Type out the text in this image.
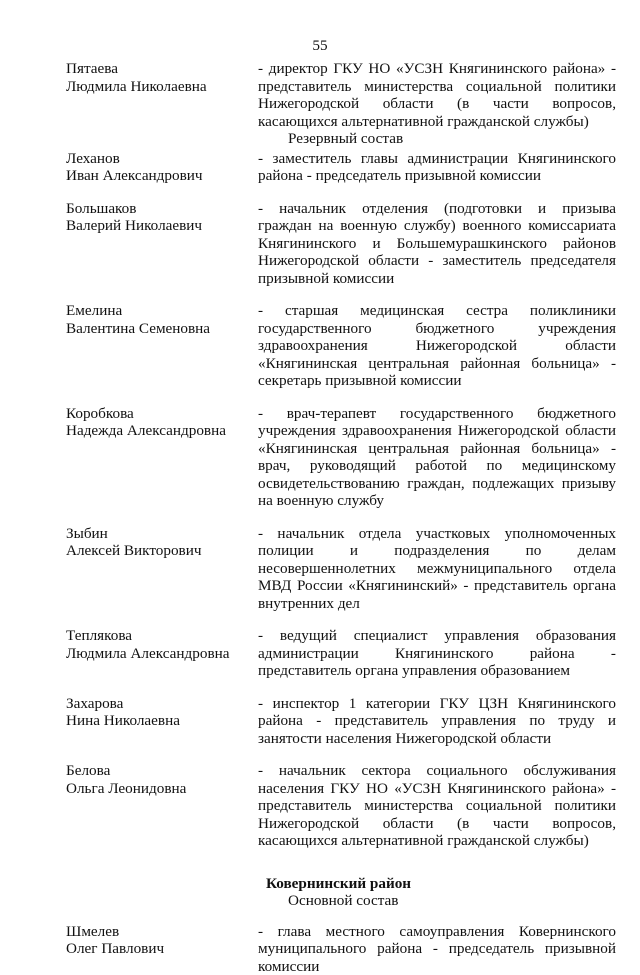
55
Пятаева
Людмила Николаевна
- директор ГКУ НО «УСЗН Княгининского района» -
представитель министерства социальной политики
Нижегородской области (в части вопросов,
касающихся альтернативной гражданской службы)
Резервный состав
Леханов
Иван Александрович
- заместитель главы администрации Княгининского
района - председатель призывной комиссии
Большаков
Валерий Николаевич
- начальник отделения (подготовки и призыва
граждан на военную службу) военного комиссариата
Княгининского и Большемурашкинского районов
Нижегородской области - заместитель председателя
призывной комиссии
Емелина
Валентина Семеновна
- старшая медицинская сестра поликлиники
государственного бюджетного учреждения
здравоохранения Нижегородской области
«Княгининская центральная районная больница» -
секретарь призывной комиссии
Коробкова
Надежда Александровна
- врач-терапевт государственного бюджетного
учреждения здравоохранения Нижегородской области
«Княгининская центральная районная больница» -
врач, руководящий работой по медицинскому
освидетельствованию граждан, подлежащих призыву
на военную службу
Зыбин
Алексей Викторович
- начальник отдела участковых уполномоченных
полиции и подразделения по делам
несовершеннолетних межмуниципального отдела
МВД России «Княгининский» - представитель органа
внутренних дел
Теплякова
Людмила Александровна
- ведущий специалист управления образования
администрации Княгининского района -
представитель органа управления образованием
Захарова
Нина Николаевна
- инспектор 1 категории ГКУ ЦЗН Княгининского
района - представитель управления по труду и
занятости населения Нижегородской области
Белова
Ольга Леонидовна
- начальник сектора социального обслуживания
населения ГКУ НО «УСЗН Княгининского района» -
представитель министерства социальной политики
Нижегородской области (в части вопросов,
касающихся альтернативной гражданской службы)
Ковернинский район
Основной состав
Шмелев
Олег Павлович
- глава местного самоуправления Ковернинского
муниципального района - председатель призывной
комиссии
